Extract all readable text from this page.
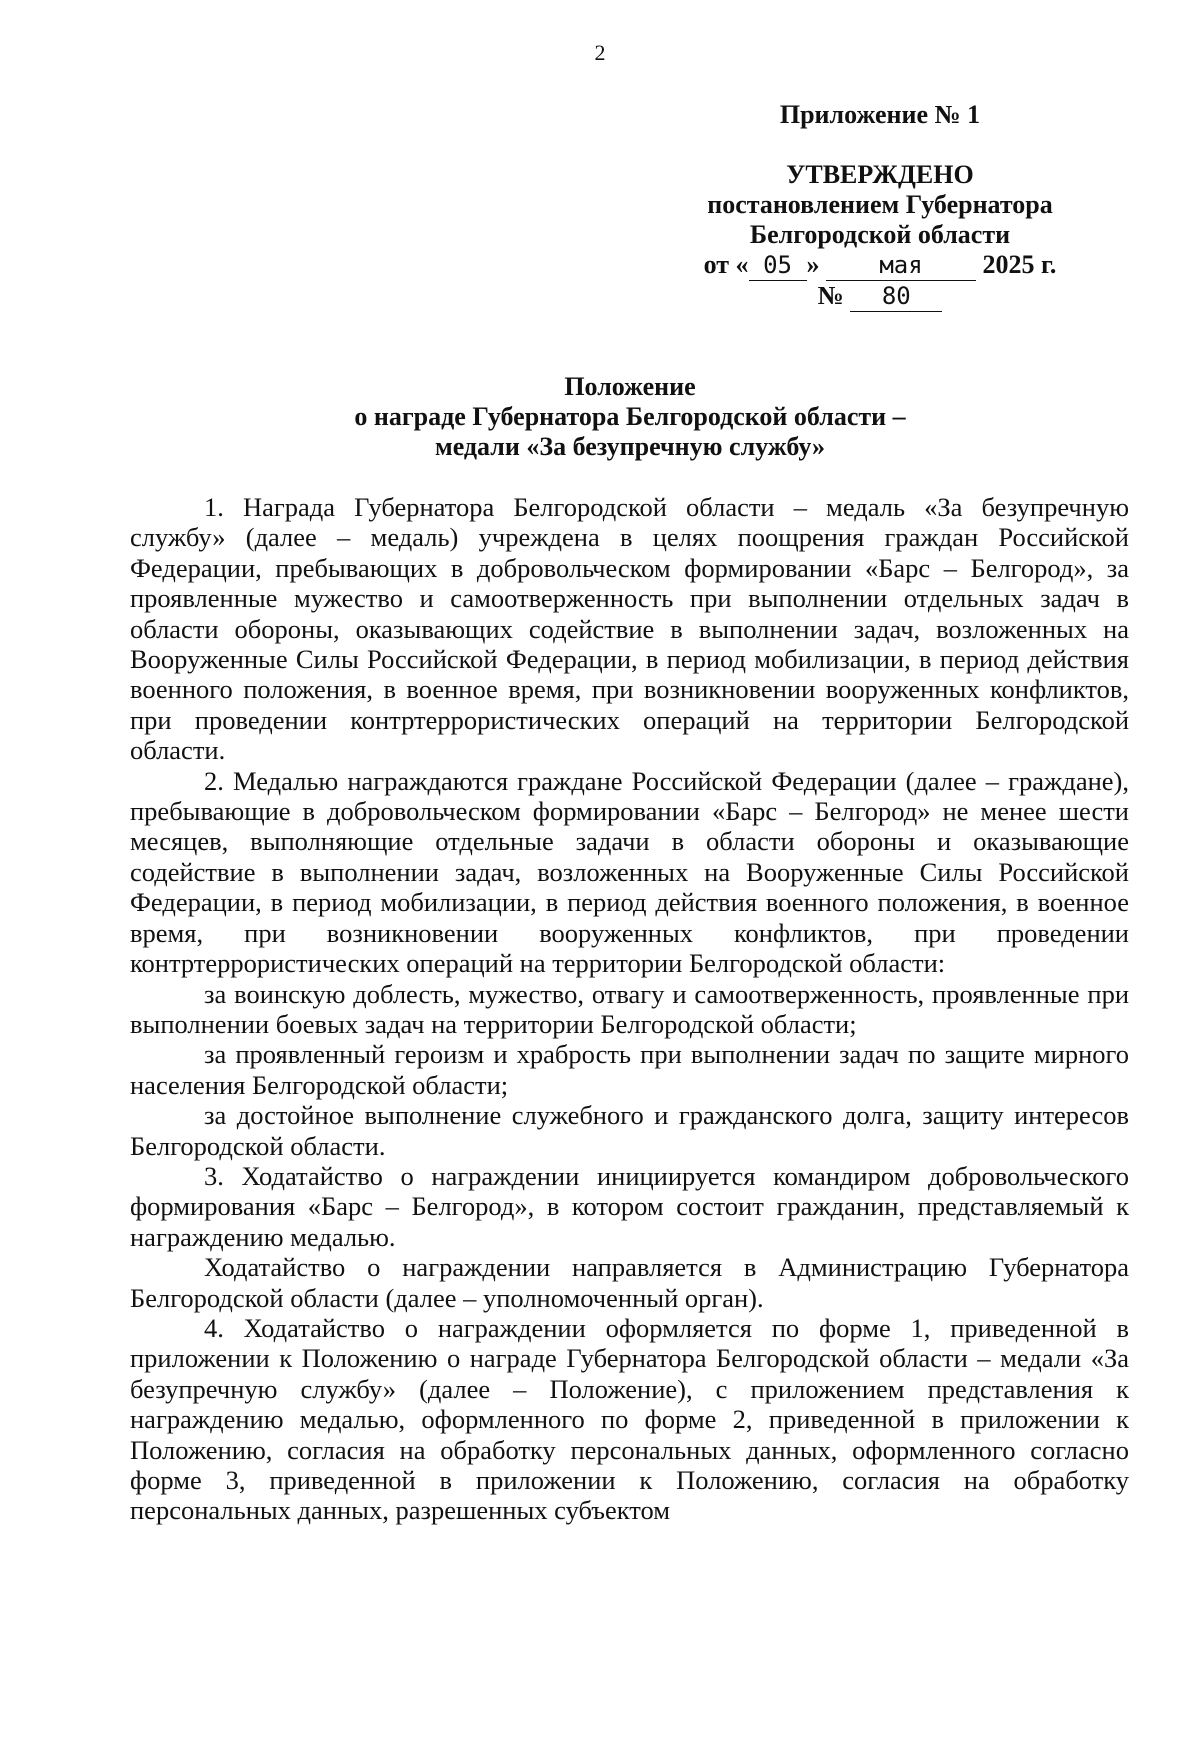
2
Приложение № 1
УТВЕРЖДЕНО
постановлением Губернатора
Белгородской области
от « 05 » мая 2025 г.
№ 80
Положение
о награде Губернатора Белгородской области –
медали «За безупречную службу»

1. Награда Губернатора Белгородской области – медаль «За безупречную службу» (далее – медаль) учреждена в целях поощрения граждан Российской Федерации, пребывающих в добровольческом формировании «Барс – Белгород», за проявленные мужество и самоотверженность при выполнении отдельных задач в области обороны, оказывающих содействие в выполнении задач, возложенных на Вооруженные Силы Российской Федерации, в период мобилизации, в период действия военного положения, в военное время, при возникновении вооруженных конфликтов, при проведении контртеррористических операций на территории Белгородской области.

2. Медалью награждаются граждане Российской Федерации (далее – граждане), пребывающие в добровольческом формировании «Барс – Белгород» не менее шести месяцев, выполняющие отдельные задачи в области обороны и оказывающие содействие в выполнении задач, возложенных на Вооруженные Силы Российской Федерации, в период мобилизации, в период действия военного положения, в военное время, при возникновении вооруженных конфликтов, при проведении контртеррористических операций на территории Белгородской области:

за воинскую доблесть, мужество, отвагу и самоотверженность, проявленные при выполнении боевых задач на территории Белгородской области;

за проявленный героизм и храбрость при выполнении задач по защите мирного населения Белгородской области;

за достойное выполнение служебного и гражданского долга, защиту интересов Белгородской области.

3. Ходатайство о награждении инициируется командиром добровольческого формирования «Барс – Белгород», в котором состоит гражданин, представляемый к награждению медалью.

Ходатайство о награждении направляется в Администрацию Губернатора Белгородской области (далее – уполномоченный орган).

4. Ходатайство о награждении оформляется по форме 1, приведенной в приложении к Положению о награде Губернатора Белгородской области – медали «За безупречную службу» (далее – Положение), с приложением представления к награждению медалью, оформленного по форме 2, приведенной в приложении к Положению, согласия на обработку персональных данных, оформленного согласно форме 3, приведенной в приложении к Положению, согласия на обработку персональных данных, разрешенных субъектом
